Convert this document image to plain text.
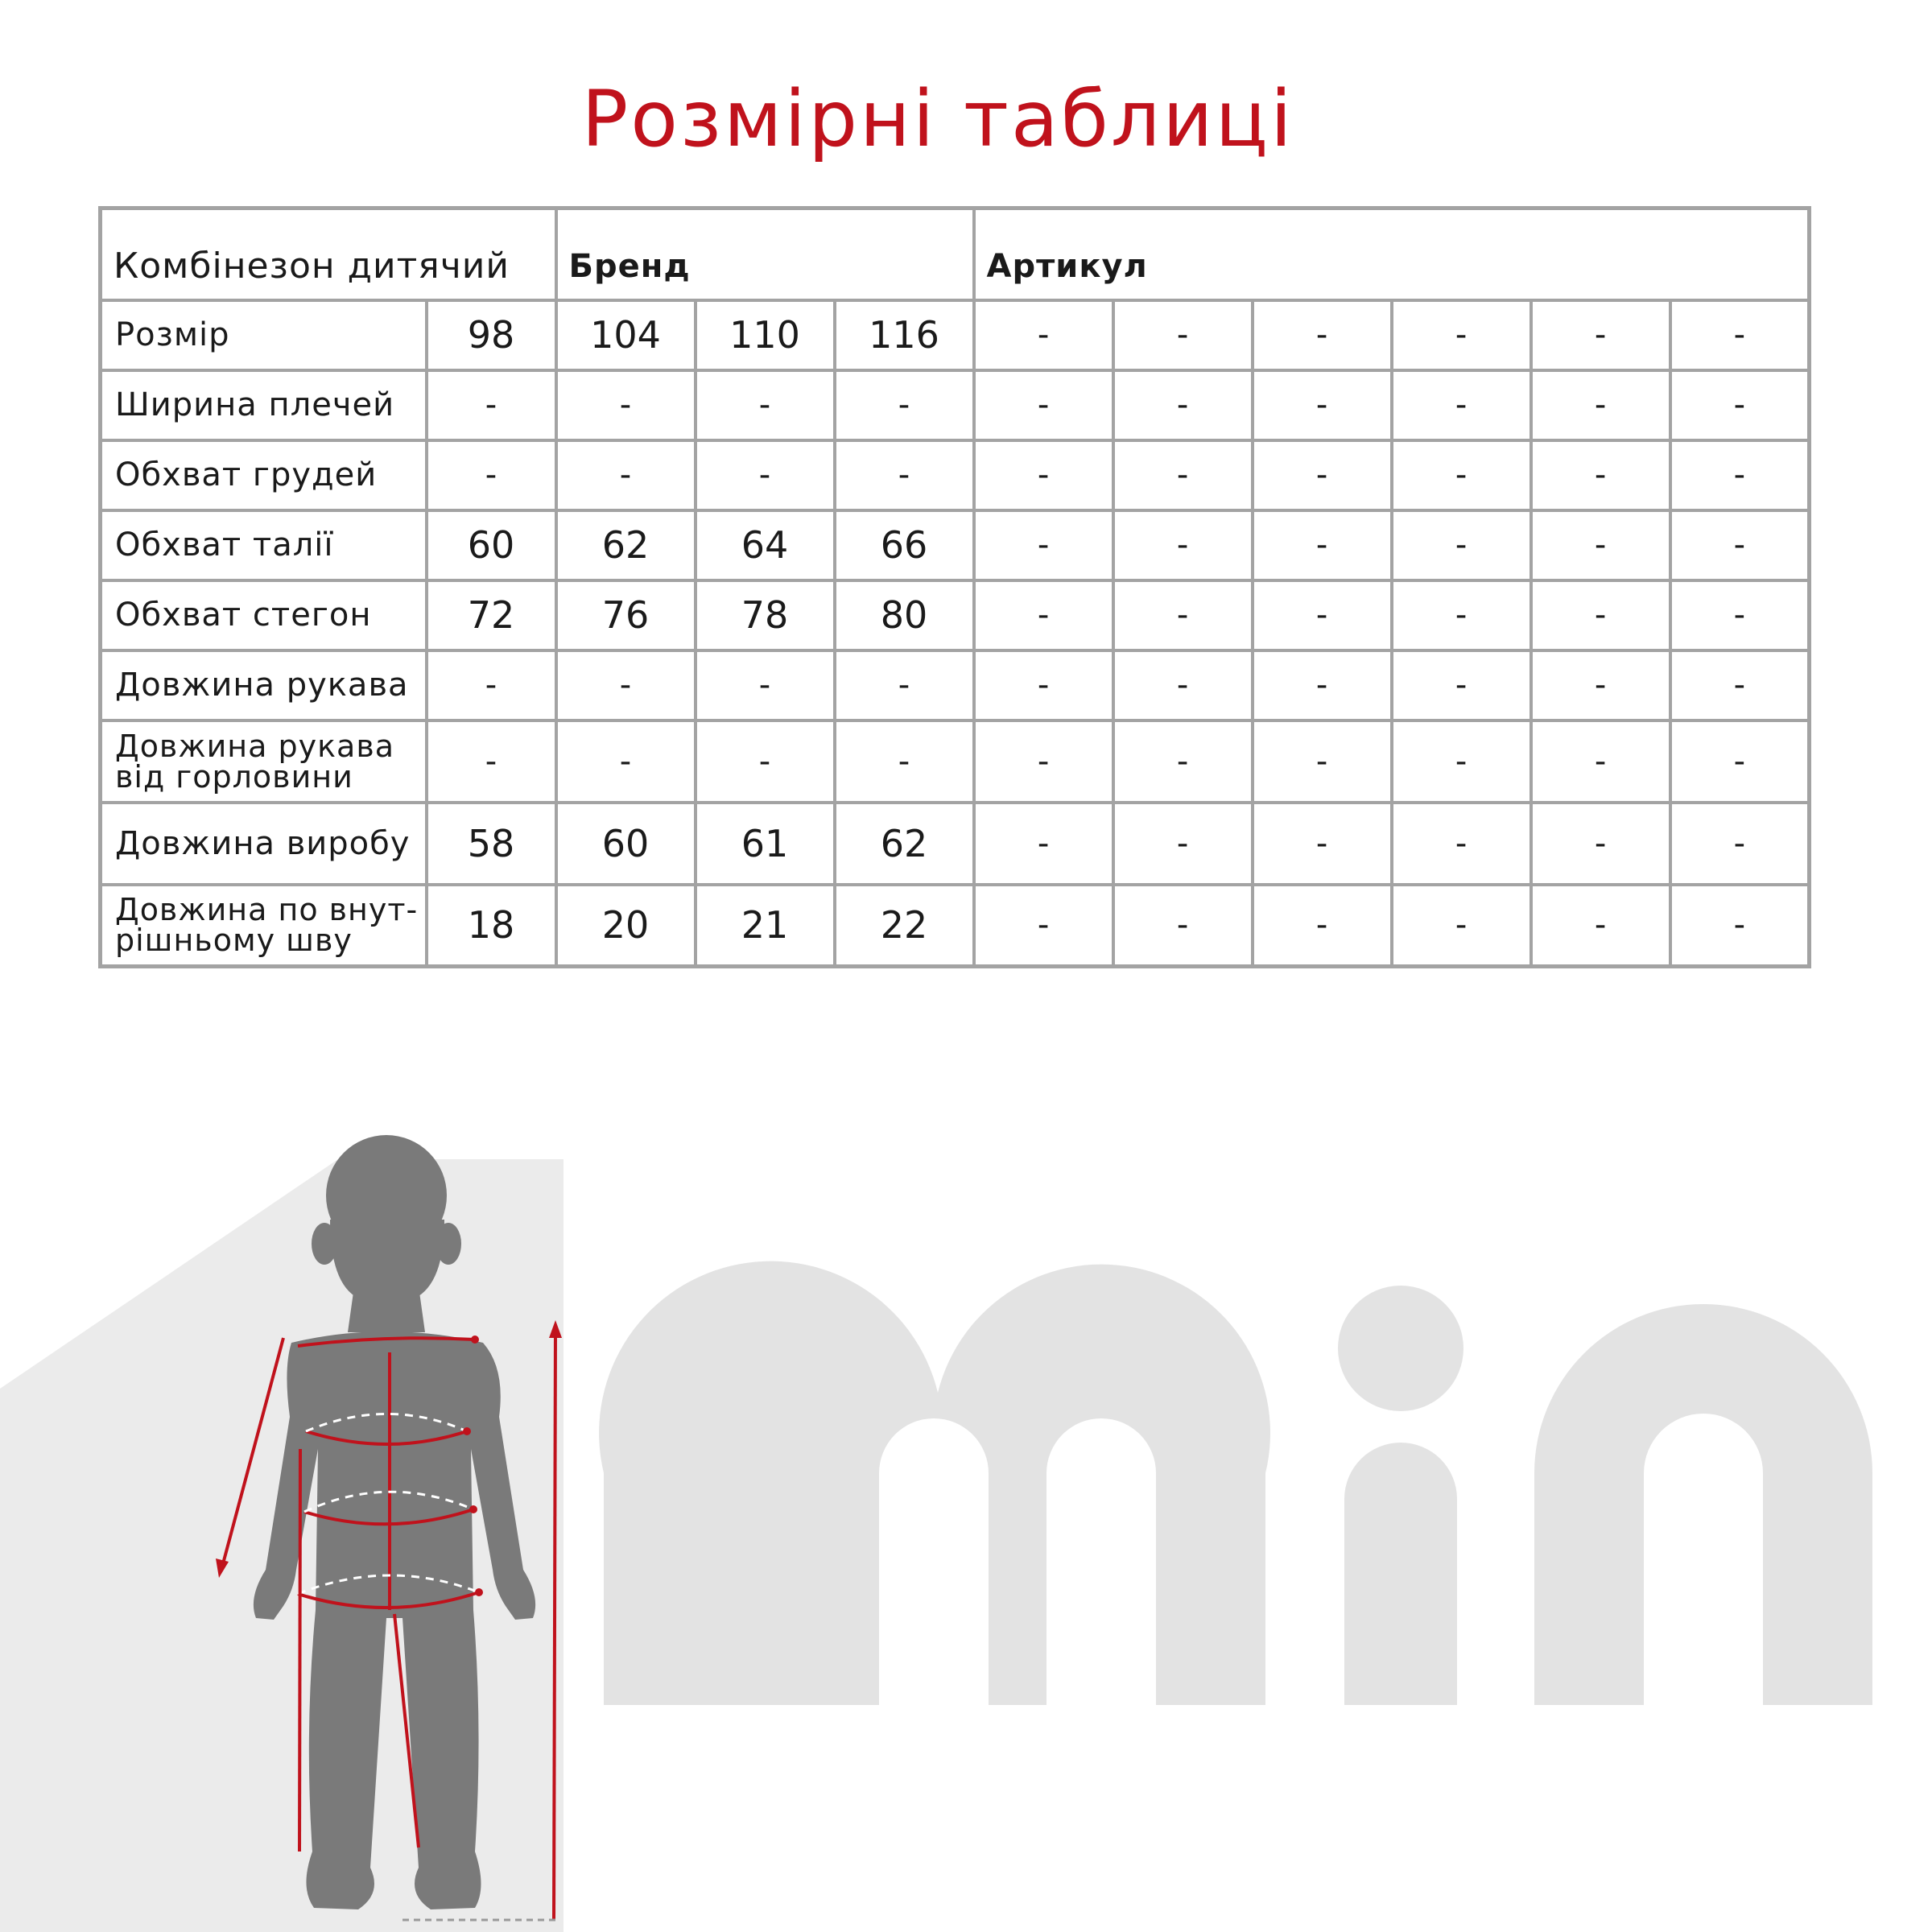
Розмірні таблиці
Комбінезон дитячий		Бренд			Артикул					
Розмір	98	104	110	116	-	-	-	-	-	-
Ширина плечей	-	-	-	-	-	-	-	-	-	-
Обхват грудей	-	-	-	-	-	-	-	-	-	-
Обхват талії	60	62	64	66	-	-	-	-	-	-
Обхват стегон	72	76	78	80	-	-	-	-	-	-
Довжина рукава	-	-	-	-	-	-	-	-	-	-
Довжина рукава від горловини	-	-	-	-	-	-	-	-	-	-
Довжина виробу	58	60	61	62	-	-	-	-	-	-
Довжина по внут-рішньому шву	18	20	21	22	-	-	-	-	-	-
